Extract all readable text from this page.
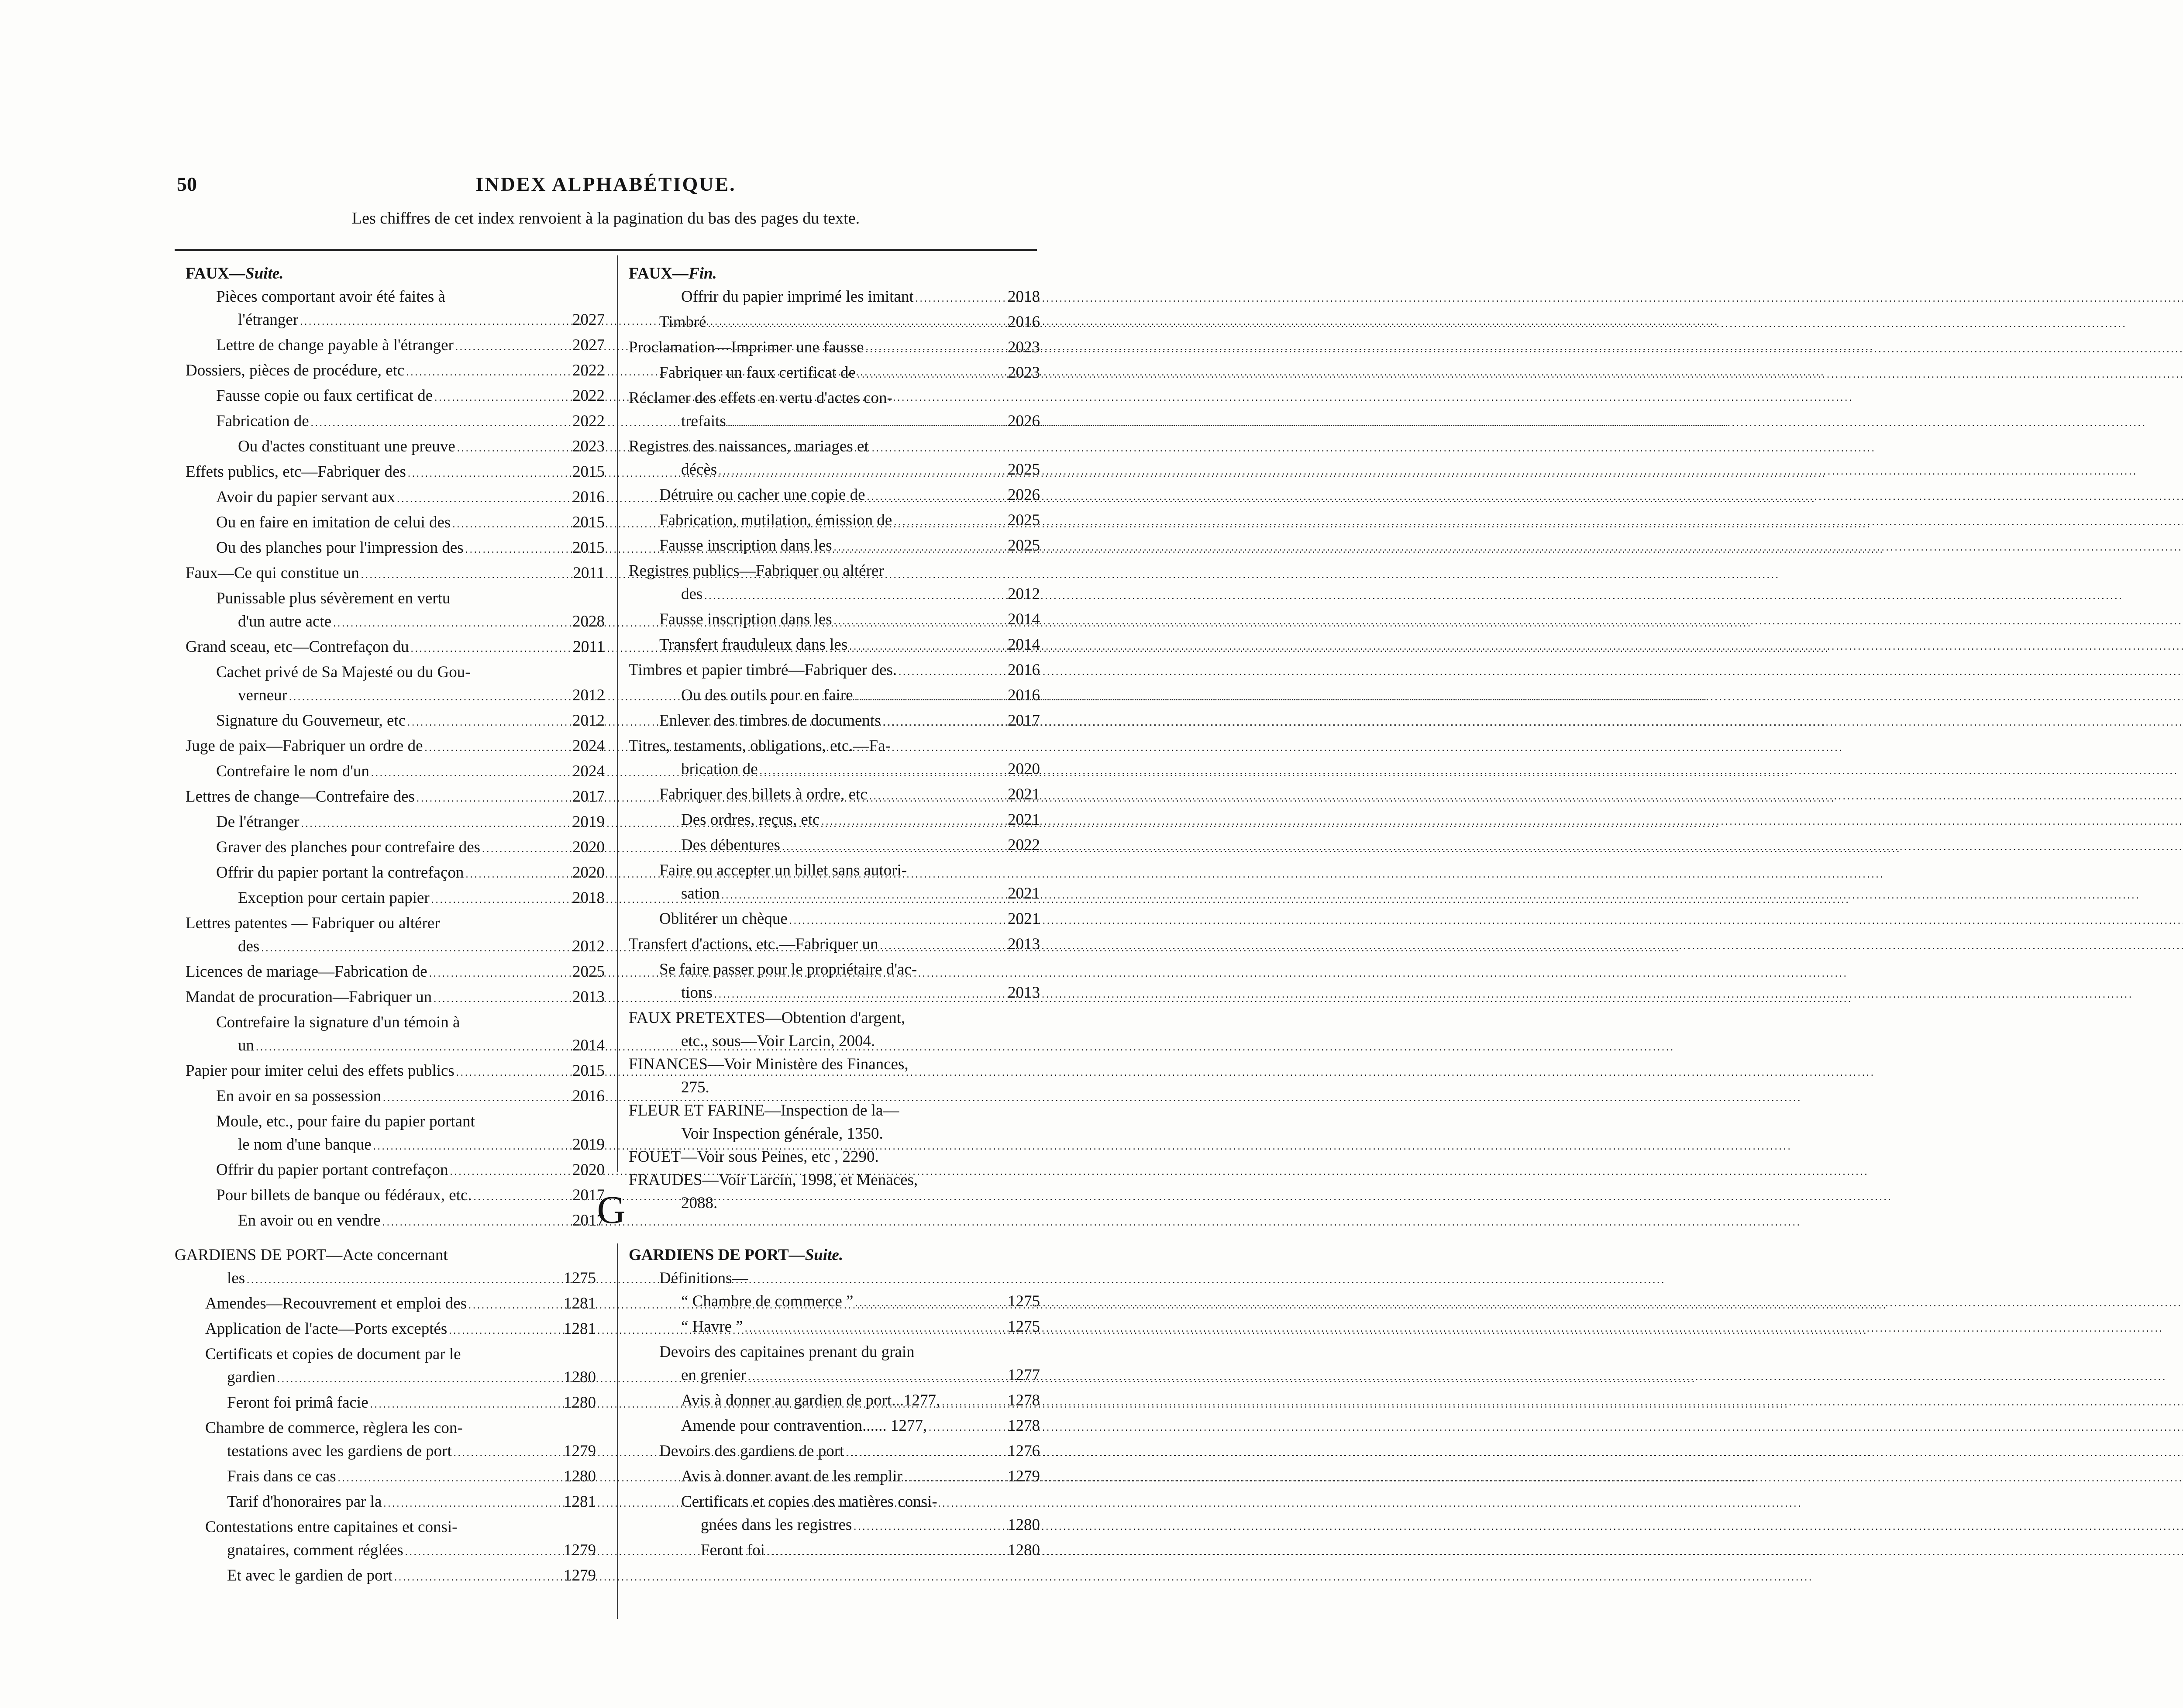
50	INDEX ALPHABÉTIQUE.
Les chiffres de cet index renvoient à la pagination du bas des pages du texte.
FAUX—Suite.
Pièces comportant avoir été faites à
l'étranger . . .	2027
Lettre de change payable à l'étranger . . .	2027
Dossiers, pièces de procédure, etc . . .	2022
Fausse copie ou faux certificat de . . .	2022
Fabrication de . . .	2022
Ou d'actes constituant une preuve . . .	2023
Effets publics, etc—Fabriquer des . . .	2015
Avoir du papier servant aux . . .	2016
Ou en faire en imitation de celui des . . .	2015
Ou des planches pour l'impression des . . .	2015
Faux—Ce qui constitue un . . .	2011
Punissable plus sévèrement en vertu
d'un autre acte . . .	2028
Grand sceau, etc—Contrefaçon du . . .	2011
Cachet privé de Sa Majesté ou du Gou-
verneur . . .	2012
Signature du Gouverneur, etc . . .	2012
Juge de paix—Fabriquer un ordre de . . .	2024
Contrefaire le nom d'un . . .	2024
Lettres de change—Contrefaire des . . .	2017
De l'étranger . . .	2019
Graver des planches pour contrefaire des . . .	2020
Offrir du papier portant la contrefaçon . . .	2020
Exception pour certain papier . . .	2018
Lettres patentes — Fabriquer ou altérer
des . . .	2012
Licences de mariage—Fabrication de . . .	2025
Mandat de procuration—Fabriquer un . . .	2013
Contrefaire la signature d'un témoin à
un . . .	2014
Papier pour imiter celui des effets publics . . .	2015
En avoir en sa possession . . .	2016
Moule, etc., pour faire du papier portant
le nom d'une banque . . .	2019
Offrir du papier portant contrefaçon . . .	2020
Pour billets de banque ou fédéraux, etc. . . .	2017
En avoir ou en vendre . . .	2017
FAUX—Fin.
Offrir du papier imprimé les imitant . . .	2018
Timbré . . .	2016
Proclamation—Imprimer une fausse . . .	2023
Fabriquer un faux certificat de . . .	2023
Réclamer des effets en vertu d'actes con-
trefaits . . .	2026
Registres des naissances, mariages et
décès . . .	2025
Détruire ou cacher une copie de . . .	2026
Fabrication, mutilation, émission de . . .	2025
Fausse inscription dans les . . .	2025
Registres publics—Fabriquer ou altérer
des . . .	2012
Fausse inscription dans les . . .	2014
Transfert frauduleux dans les . . .	2014
Timbres et papier timbré—Fabriquer des. . . .	2016
Ou des outils pour en faire . . .	2016
Enlever des timbres de documents . . .	2017
Titres, testaments, obligations, etc.—Fa-
brication de . . .	2020
Fabriquer des billets à ordre, etc . . .	2021
Des ordres, reçus, etc . . .	2021
Des débentures . . .	2022
Faire ou accepter un billet sans autori-
sation . . .	2021
Oblitérer un chèque . . .	2021
Transfert d'actions, etc.—Fabriquer un . . .	2013
Se faire passer pour le propriétaire d'ac-
tions . . .	2013
FAUX PRETEXTES—Obtention d'argent,
etc., sous—Voir Larcin, 2004.
FINANCES—Voir Ministère des Finances,
275.
FLEUR ET FARINE—Inspection de la—
Voir Inspection générale, 1350.
FOUET—Voir sous Peines, etc , 2290.
FRAUDES—Voir Larcin, 1998, et Menaces,
2088.
G
GARDIENS DE PORT—Acte concernant
les . . .	1275
Amendes—Recouvrement et emploi des . . .	1281
Application de l'acte—Ports exceptés . . .	1281
Certificats et copies de document par le
gardien . . .	1280
Feront foi primâ facie . . .	1280
Chambre de commerce, règlera les con-
testations avec les gardiens de port . . .	1279
Frais dans ce cas . . .	1280
Tarif d'honoraires par la . . .	1281
Contestations entre capitaines et consi-
gnataires, comment réglées . . .	1279
Et avec le gardien de port . . .	1279
GARDIENS DE PORT—Suite.
Définitions—
“ Chambre de commerce ” . . .	1275
“ Havre ” . . .	1275
Devoirs des capitaines prenant du grain
en grenier . . .	1277
Avis à donner au gardien de port...1277, . . .	1278
Amende pour contravention...... 1277, . . .	1278
Devoirs des gardiens de port . . .	1276
Avis à donner avant de les remplir . . .	1279
Certificats et copies des matières consi-
gnées dans les registres . . .	1280
Feront foi . . .	1280
